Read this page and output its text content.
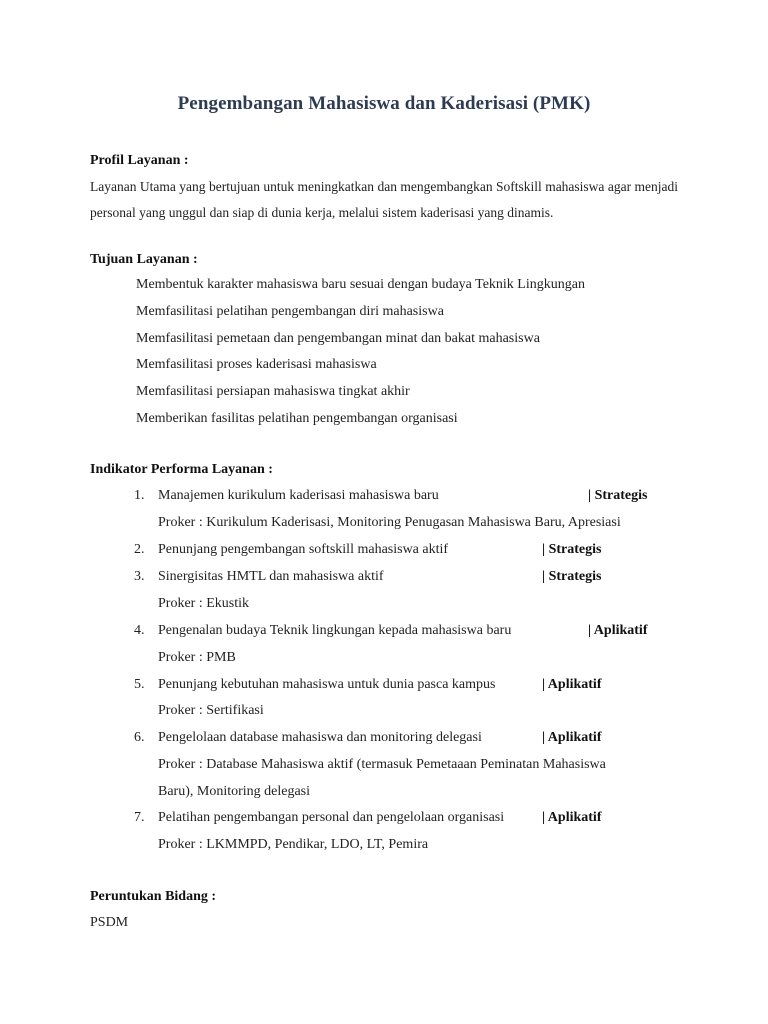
Pengembangan Mahasiswa dan Kaderisasi (PMK)
Profil Layanan :
Layanan Utama yang bertujuan untuk meningkatkan dan mengembangkan Softskill mahasiswa agar menjadi personal yang unggul dan siap di dunia kerja, melalui sistem kaderisasi yang dinamis.
Tujuan Layanan :
Membentuk karakter mahasiswa baru sesuai dengan budaya Teknik Lingkungan
Memfasilitasi pelatihan pengembangan diri mahasiswa
Memfasilitasi pemetaan dan pengembangan minat dan bakat mahasiswa
Memfasilitasi proses kaderisasi mahasiswa
Memfasilitasi persiapan mahasiswa tingkat akhir
Memberikan fasilitas pelatihan pengembangan organisasi
Indikator Performa Layanan :
1. Manajemen kurikulum kaderisasi mahasiswa baru	| Strategis
Proker : Kurikulum Kaderisasi, Monitoring Penugasan Mahasiswa Baru, Apresiasi
2. Penunjang pengembangan softskill mahasiswa aktif	| Strategis
3. Sinergisitas HMTL dan mahasiswa aktif	| Strategis
Proker : Ekustik
4. Pengenalan budaya Teknik lingkungan kepada mahasiswa baru	| Aplikatif
Proker : PMB
5. Penunjang kebutuhan mahasiswa untuk dunia pasca kampus	| Aplikatif
Proker : Sertifikasi
6. Pengelolaan database mahasiswa dan monitoring delegasi	| Aplikatif
Proker : Database Mahasiswa aktif (termasuk Pemetaaan Peminatan Mahasiswa
Baru), Monitoring delegasi
7. Pelatihan pengembangan personal dan pengelolaan organisasi	| Aplikatif
Proker : LKMMPD, Pendikar, LDO, LT, Pemira
Peruntukan Bidang :
PSDM
